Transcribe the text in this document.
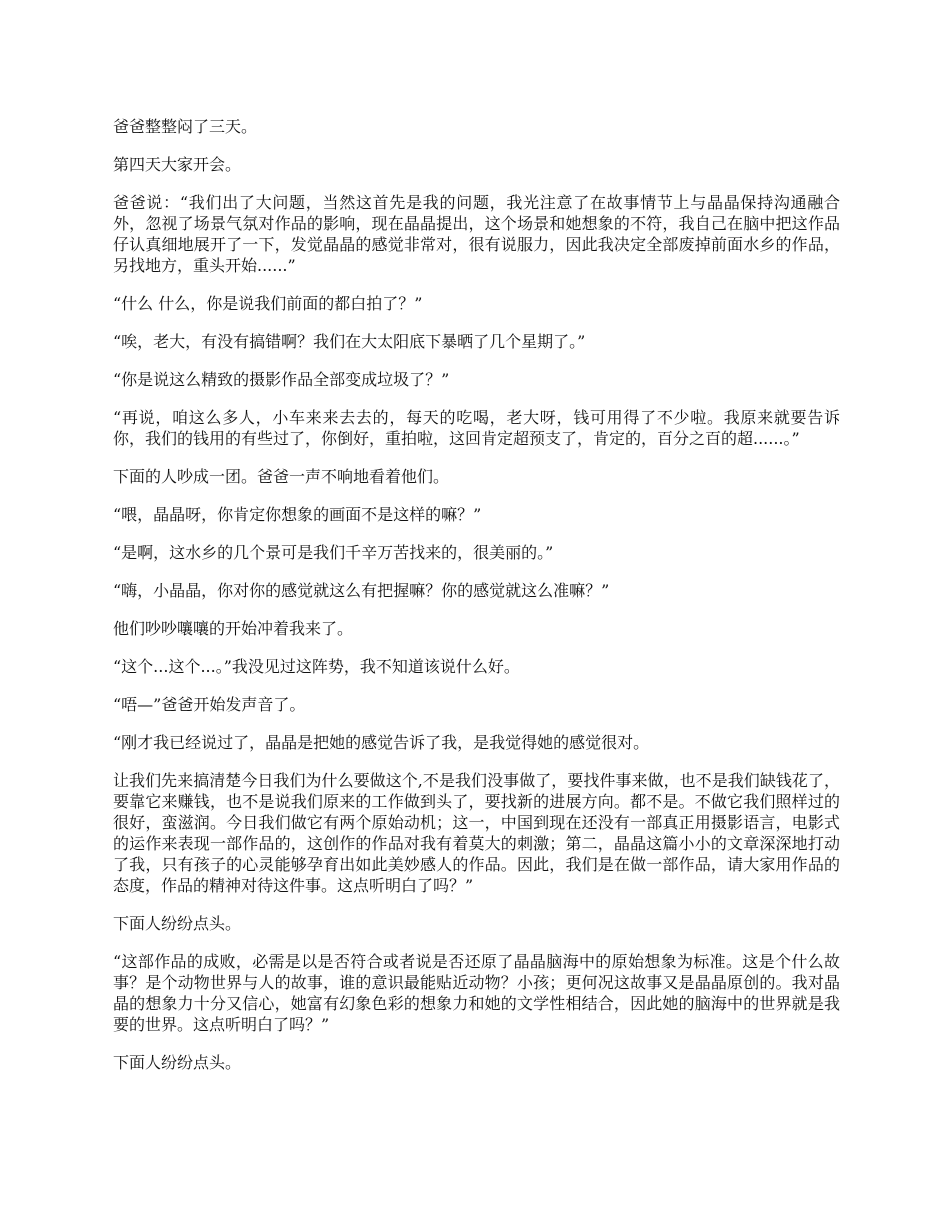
爸爸整整闷了三天。

第四天大家开会。

爸爸说：“我们出了大问题，当然这首先是我的问题，我光注意了在故事情节上与晶晶保持沟通融合外，忽视了场景气氛对作品的影响，现在晶晶提出，这个场景和她想象的不符，我自己在脑中把这作品仔认真细地展开了一下，发觉晶晶的感觉非常对，很有说服力，因此我决定全部废掉前面水乡的作品，另找地方，重头开始......”

“什么 什么，你是说我们前面的都白拍了？”

“唉，老大，有没有搞错啊？我们在大太阳底下暴晒了几个星期了。”

“你是说这么精致的摄影作品全部变成垃圾了？”

“再说，咱这么多人，小车来来去去的，每天的吃喝，老大呀，钱可用得了不少啦。我原来就要告诉你，我们的钱用的有些过了，你倒好，重拍啦，这回肯定超预支了，肯定的，百分之百的超......。”

下面的人吵成一团。爸爸一声不响地看着他们。

“喂，晶晶呀，你肯定你想象的画面不是这样的嘛？”

“是啊，这水乡的几个景可是我们千辛万苦找来的，很美丽的。”

“嗨，小晶晶，你对你的感觉就这么有把握嘛？你的感觉就这么准嘛？”

他们吵吵嚷嚷的开始冲着我来了。

“这个...这个...。”我没见过这阵势，我不知道该说什么好。

“唔—”爸爸开始发声音了。

“刚才我已经说过了，晶晶是把她的感觉告诉了我，是我觉得她的感觉很对。

让我们先来搞清楚今日我们为什么要做这个,不是我们没事做了，要找件事来做，也不是我们缺钱花了，要靠它来赚钱，也不是说我们原来的工作做到头了，要找新的进展方向。都不是。不做它我们照样过的很好，蛮滋润。今日我们做它有两个原始动机；这一，中国到现在还没有一部真正用摄影语言，电影式的运作来表现一部作品的，这创作的作品对我有着莫大的刺激；第二，晶晶这篇小小的文章深深地打动了我，只有孩子的心灵能够孕育出如此美妙感人的作品。因此，我们是在做一部作品，请大家用作品的态度，作品的精神对待这件事。这点听明白了吗？”

下面人纷纷点头。

“这部作品的成败，必需是以是否符合或者说是否还原了晶晶脑海中的原始想象为标准。这是个什么故事？是个动物世界与人的故事，谁的意识最能贴近动物？小孩；更何况这故事又是晶晶原创的。我对晶晶的想象力十分又信心，她富有幻象色彩的想象力和她的文学性相结合，因此她的脑海中的世界就是我要的世界。这点听明白了吗？”

下面人纷纷点头。
